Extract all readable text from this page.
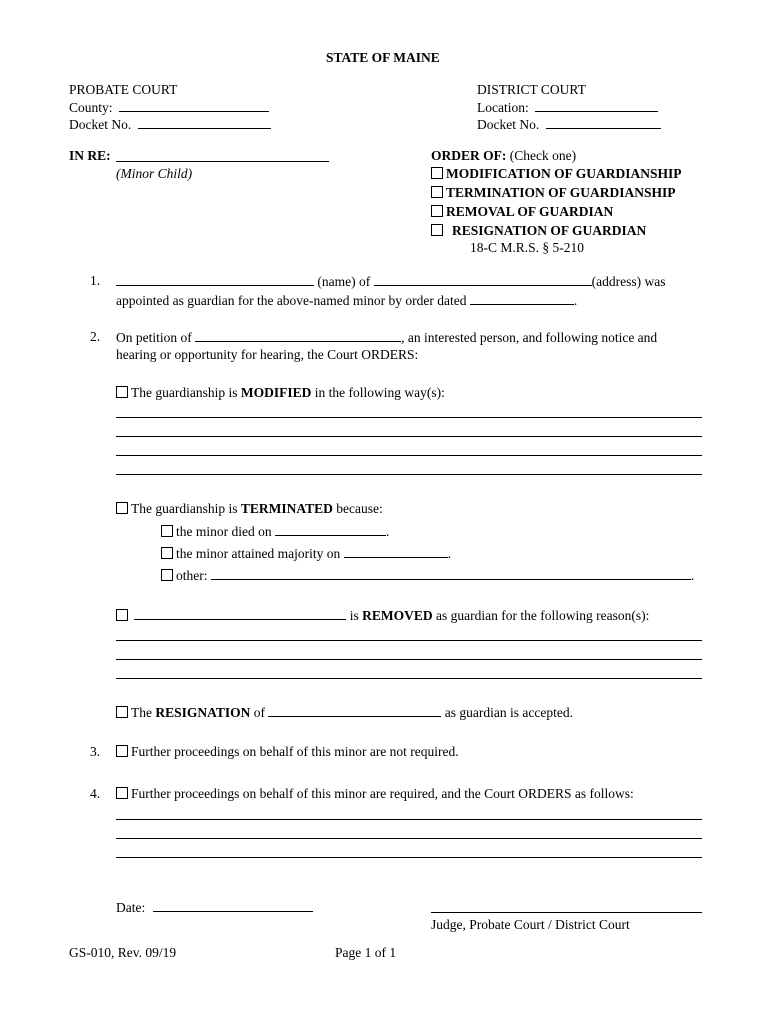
STATE OF MAINE
PROBATE COURT
County:
Docket No.
DISTRICT COURT
Location:
Docket No.
IN RE:
(Minor Child)
ORDER OF: (Check one)
MODIFICATION OF GUARDIANSHIP
TERMINATION OF GUARDIANSHIP
REMOVAL OF GUARDIAN
RESIGNATION OF GUARDIAN
18-C M.R.S. § 5-210
1.	(name) of	(address) was
appointed as guardian for the above-named minor by order dated	.
2. On petition of	, an interested person, and following notice and
hearing or opportunity for hearing, the Court ORDERS:
The guardianship is MODIFIED in the following way(s):
The guardianship is TERMINATED because:
the minor died on	.
the minor attained majority on	.
other:	.
is REMOVED as guardian for the following reason(s):
The RESIGNATION of	as guardian is accepted.
3.	Further proceedings on behalf of this minor are not required.
4.	Further proceedings on behalf of this minor are required, and the Court ORDERS as follows:
Date:
Judge, Probate Court / District Court
GS-010, Rev. 09/19	Page 1 of 1
